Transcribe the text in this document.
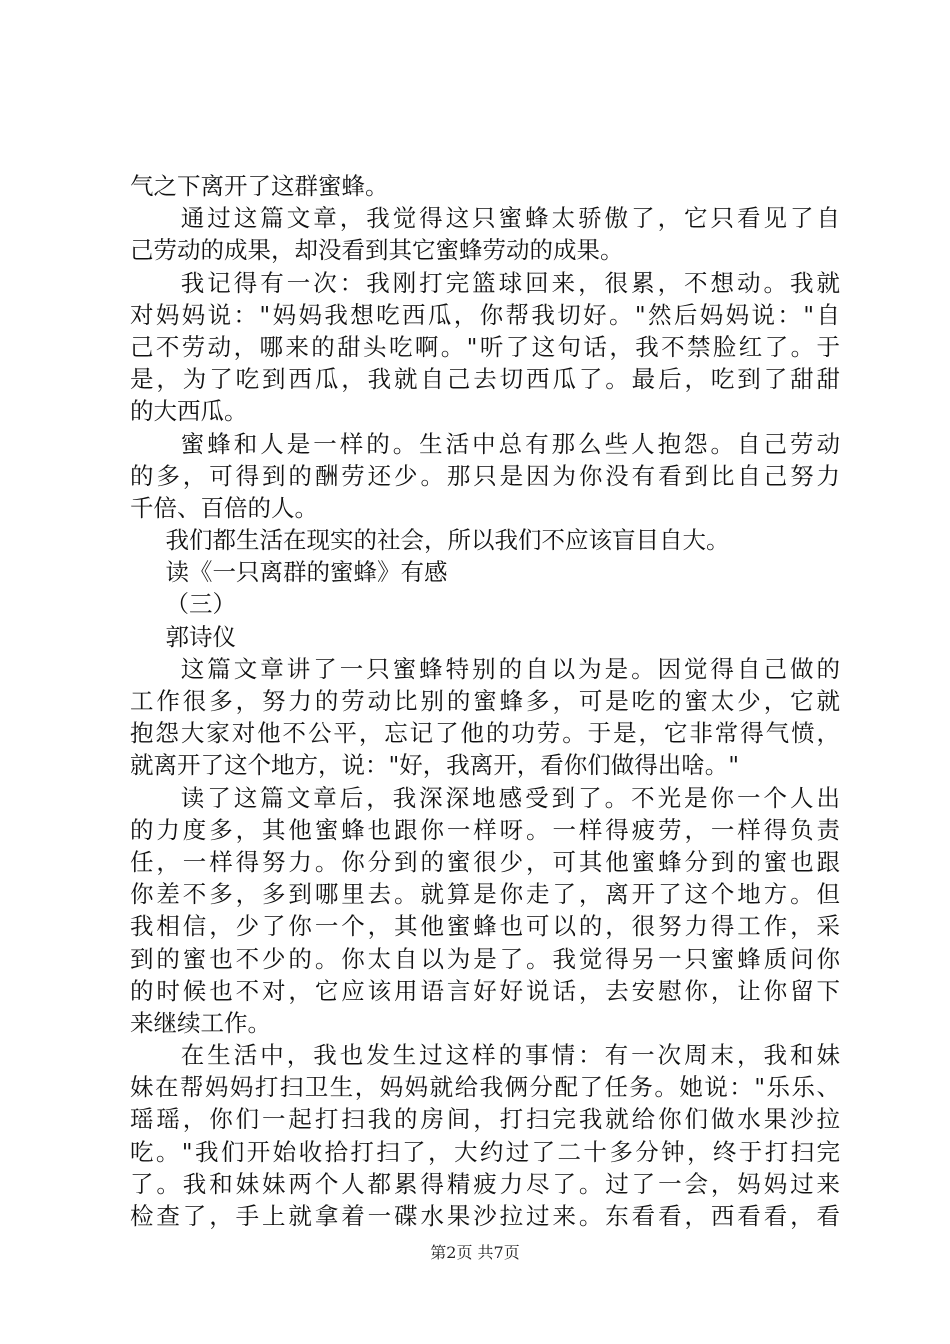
气之下离开了这群蜜蜂。
通过这篇文章，我觉得这只蜜蜂太骄傲了，它只看见了自
己劳动的成果，却没看到其它蜜蜂劳动的成果。
我记得有一次：我刚打完篮球回来，很累，不想动。我就
对妈妈说："妈妈我想吃西瓜，你帮我切好。"然后妈妈说："自
己不劳动，哪来的甜头吃啊。"听了这句话，我不禁脸红了。于
是，为了吃到西瓜，我就自己去切西瓜了。最后，吃到了甜甜
的大西瓜。
蜜蜂和人是一样的。生活中总有那么些人抱怨。自己劳动
的多，可得到的酬劳还少。那只是因为你没有看到比自己努力
千倍、百倍的人。
我们都生活在现实的社会，所以我们不应该盲目自大。
读《一只离群的蜜蜂》有感
（三）
郭诗仪
这篇文章讲了一只蜜蜂特别的自以为是。因觉得自己做的
工作很多，努力的劳动比别的蜜蜂多，可是吃的蜜太少，它就
抱怨大家对他不公平，忘记了他的功劳。于是，它非常得气愤，
就离开了这个地方，说："好，我离开，看你们做得出啥。"
读了这篇文章后，我深深地感受到了。不光是你一个人出
的力度多，其他蜜蜂也跟你一样呀。一样得疲劳，一样得负责
任，一样得努力。你分到的蜜很少，可其他蜜蜂分到的蜜也跟
你差不多，多到哪里去。就算是你走了，离开了这个地方。但
我相信，少了你一个，其他蜜蜂也可以的，很努力得工作，采
到的蜜也不少的。你太自以为是了。我觉得另一只蜜蜂质问你
的时候也不对，它应该用语言好好说话，去安慰你，让你留下
来继续工作。
在生活中，我也发生过这样的事情：有一次周末，我和妹
妹在帮妈妈打扫卫生，妈妈就给我俩分配了任务。她说："乐乐、
瑶瑶，你们一起打扫我的房间，打扫完我就给你们做水果沙拉
吃。"我们开始收拾打扫了，大约过了二十多分钟，终于打扫完
了。我和妹妹两个人都累得精疲力尽了。过了一会，妈妈过来
检查了，手上就拿着一碟水果沙拉过来。东看看，西看看，看
第2页 共7页
